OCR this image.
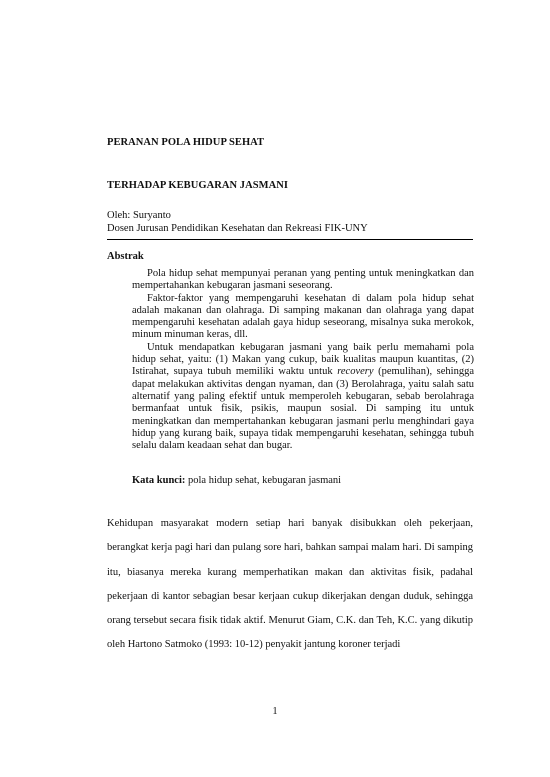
PERANAN POLA HIDUP SEHAT
TERHADAP KEBUGARAN JASMANI
Oleh: Suryanto
Dosen Jurusan Pendidikan Kesehatan dan Rekreasi FIK-UNY
Abstrak

Pola hidup sehat mempunyai peranan yang penting untuk meningkatkan dan mempertahankan kebugaran jasmani seseorang.

Faktor-faktor yang mempengaruhi kesehatan di dalam pola hidup sehat adalah makanan dan olahraga. Di samping makanan dan olahraga yang dapat mempengaruhi kesehatan adalah gaya hidup seseorang, misalnya suka merokok, minum minuman keras, dll.

Untuk mendapatkan kebugaran jasmani yang baik perlu memahami pola hidup sehat, yaitu: (1) Makan yang cukup, baik kualitas maupun kuantitas, (2) Istirahat, supaya tubuh memiliki waktu untuk recovery (pemulihan), sehingga dapat melakukan aktivitas dengan nyaman, dan (3) Berolahraga, yaitu salah satu alternatif yang paling efektif untuk memperoleh kebugaran, sebab berolahraga bermanfaat untuk fisik, psikis, maupun sosial. Di samping itu untuk meningkatkan dan mempertahankan kebugaran jasmani perlu menghindari gaya hidup yang kurang baik, supaya tidak mempengaruhi kesehatan, sehingga tubuh selalu dalam keadaan sehat dan bugar.

Kata kunci: pola hidup sehat, kebugaran jasmani

Kehidupan masyarakat modern setiap hari banyak disibukkan oleh pekerjaan, berangkat kerja pagi hari dan pulang sore hari, bahkan sampai malam hari. Di samping itu, biasanya mereka kurang memperhatikan makan dan aktivitas fisik, padahal pekerjaan di kantor sebagian besar kerjaan cukup dikerjakan dengan duduk, sehingga orang tersebut secara fisik tidak aktif. Menurut Giam, C.K. dan Teh, K.C. yang dikutip oleh Hartono Satmoko (1993: 10-12) penyakit jantung koroner terjadi

1
